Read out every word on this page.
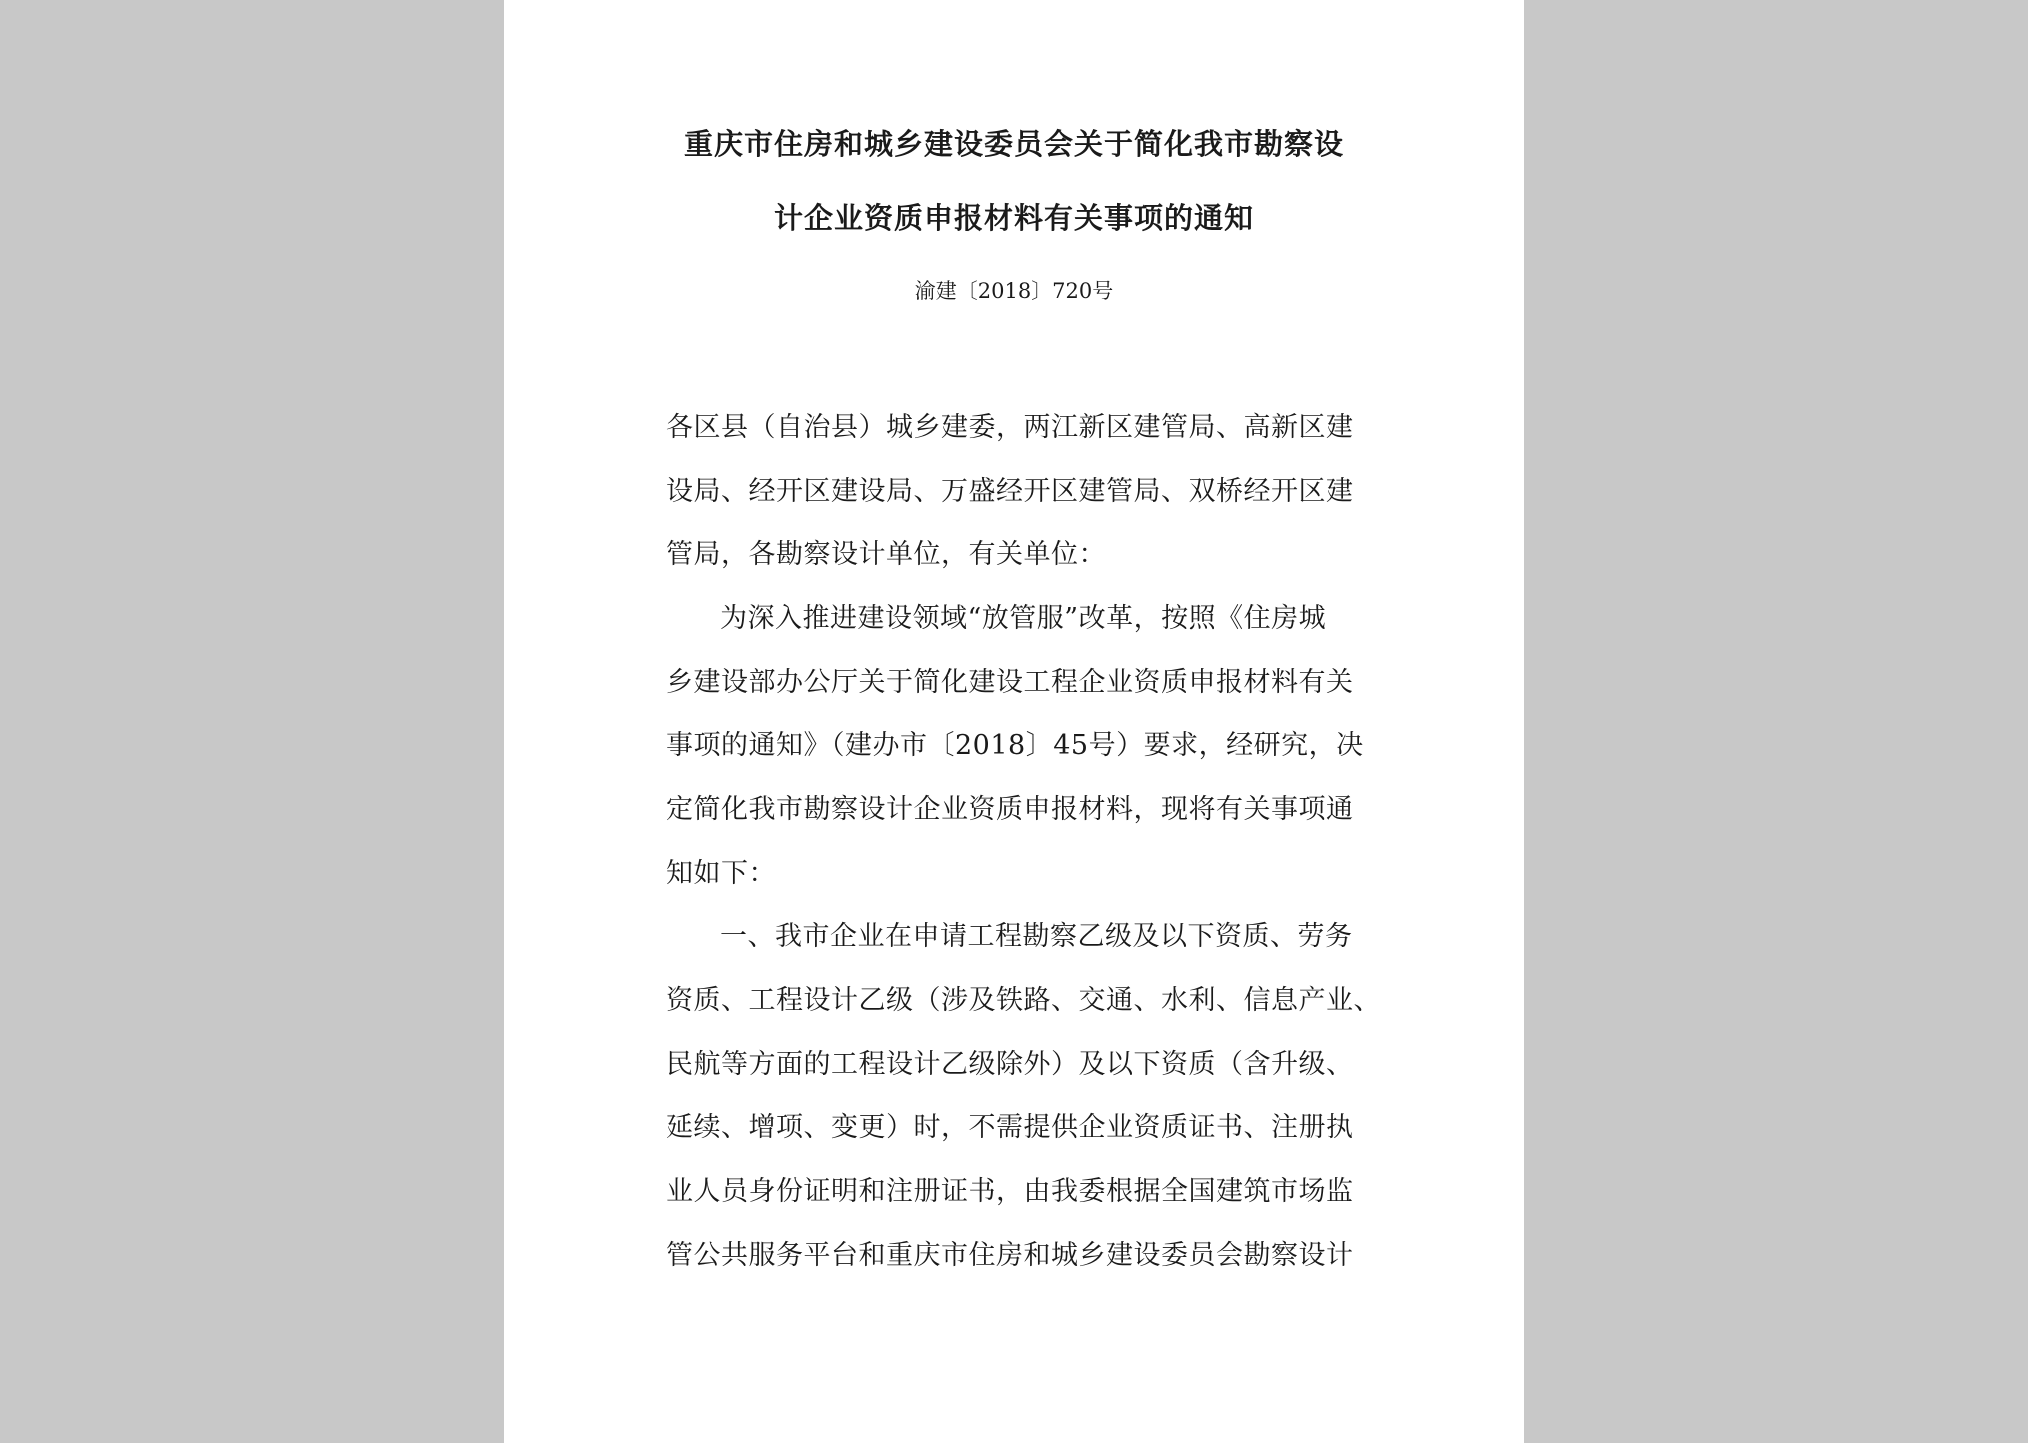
重庆市住房和城乡建设委员会关于简化我市勘察设
计企业资质申报材料有关事项的通知
渝建〔2018〕720号
各区县（自治县）城乡建委，两江新区建管局、高新区建
设局、经开区建设局、万盛经开区建管局、双桥经开区建
管局，各勘察设计单位，有关单位：
为深入推进建设领域“放管服”改革，按照《住房城
乡建设部办公厅关于简化建设工程企业资质申报材料有关
事项的通知》（建办市〔2018〕45号）要求，经研究，决
定简化我市勘察设计企业资质申报材料，现将有关事项通
知如下：
一、我市企业在申请工程勘察乙级及以下资质、劳务
资质、工程设计乙级（涉及铁路、交通、水利、信息产业、
民航等方面的工程设计乙级除外）及以下资质（含升级、
延续、增项、变更）时，不需提供企业资质证书、注册执
业人员身份证明和注册证书，由我委根据全国建筑市场监
管公共服务平台和重庆市住房和城乡建设委员会勘察设计
